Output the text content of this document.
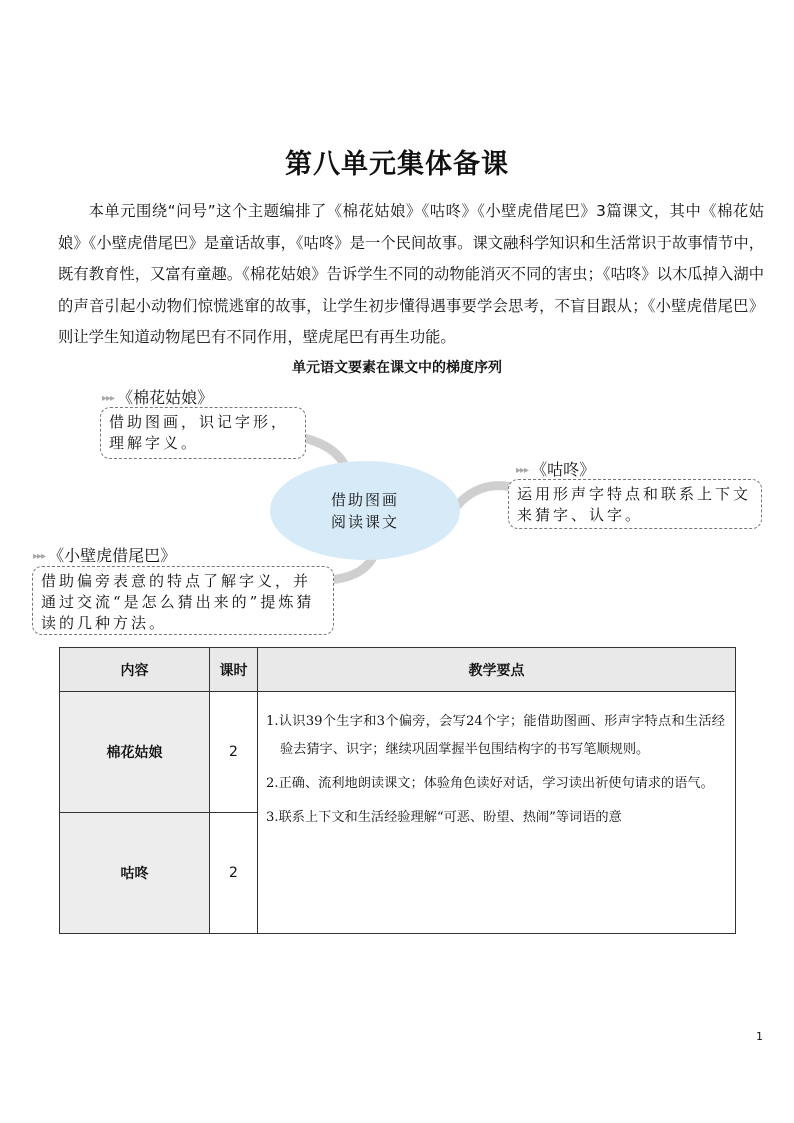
第八单元集体备课
本单元围绕“问号”这个主题编排了《棉花姑娘》《咕咚》《小壁虎借尾巴》3篇课文，其中《棉花姑娘》《小壁虎借尾巴》是童话故事，《咕咚》是一个民间故事。课文融科学知识和生活常识于故事情节中，既有教育性，又富有童趣。《棉花姑娘》告诉学生不同的动物能消灭不同的害虫；《咕咚》以木瓜掉入湖中的声音引起小动物们惊慌逃窜的故事，让学生初步懂得遇事要学会思考，不盲目跟从；《小壁虎借尾巴》则让学生知道动物尾巴有不同作用，壁虎尾巴有再生功能。
单元语文要素在课文中的梯度序列
▸▸▸ 《棉花姑娘》
借助图画，识记字形，理解字义。
借助图画
阅读课文
▸▸▸ 《咕咚》
运用形声字特点和联系上下文来猜字、认字。
▸▸▸ 《小壁虎借尾巴》
借助偏旁表意的特点了解字义，并通过交流“是怎么猜出来的”提炼猜读的几种方法。
内容	课时	教学要点
棉花姑娘	2	1.认识39个生字和3个偏旁，会写24个字；能借助图画、形声字特点和生活经验去猜字、识字；继续巩固掌握半包围结构字的书写笔顺规则。
2.正确、流利地朗读课文；体验角色读好对话，学习读出祈使句请求的语气。
3.联系上下文和生活经验理解“可恶、盼望、热闹”等词语的意

咕咚	2	
1
